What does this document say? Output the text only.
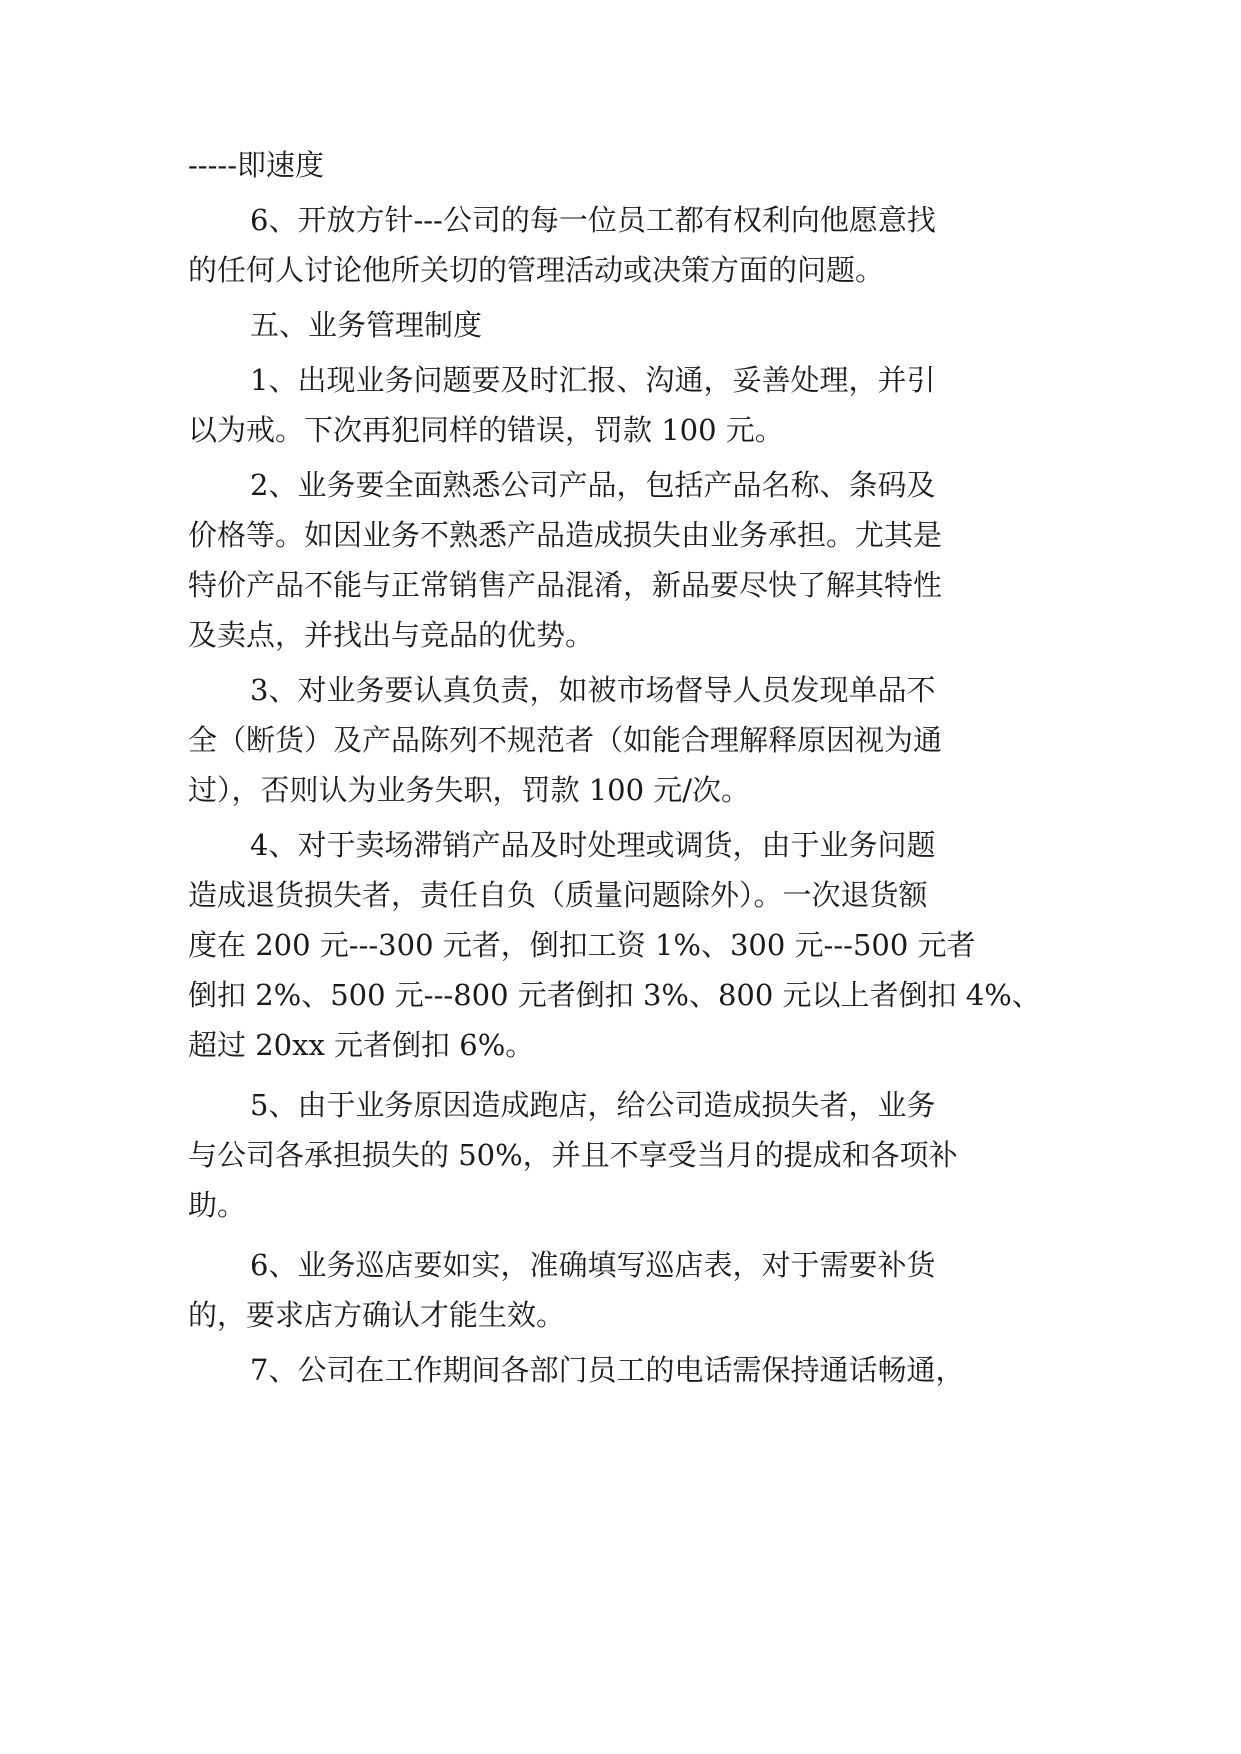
-----即速度
6、开放方针---公司的每一位员工都有权利向他愿意找
的任何人讨论他所关切的管理活动或决策方面的问题。
五、业务管理制度
1、出现业务问题要及时汇报、沟通，妥善处理，并引
以为戒。下次再犯同样的错误，罚款 100 元。
2、业务要全面熟悉公司产品，包括产品名称、条码及
价格等。如因业务不熟悉产品造成损失由业务承担。尤其是
特价产品不能与正常销售产品混淆，新品要尽快了解其特性
及卖点，并找出与竞品的优势。
3、对业务要认真负责，如被市场督导人员发现单品不
全（断货）及产品陈列不规范者（如能合理解释原因视为通
过），否则认为业务失职，罚款 100 元/次。
4、对于卖场滞销产品及时处理或调货，由于业务问题
造成退货损失者，责任自负（质量问题除外）。一次退货额
度在 200 元---300 元者，倒扣工资 1%、300 元---500 元者
倒扣 2%、500 元---800 元者倒扣 3%、800 元以上者倒扣 4%、
超过 20xx 元者倒扣 6%。
5、由于业务原因造成跑店，给公司造成损失者，业务
与公司各承担损失的 50%，并且不享受当月的提成和各项补
助。
6、业务巡店要如实，准确填写巡店表，对于需要补货
的，要求店方确认才能生效。
7、公司在工作期间各部门员工的电话需保持通话畅通，
